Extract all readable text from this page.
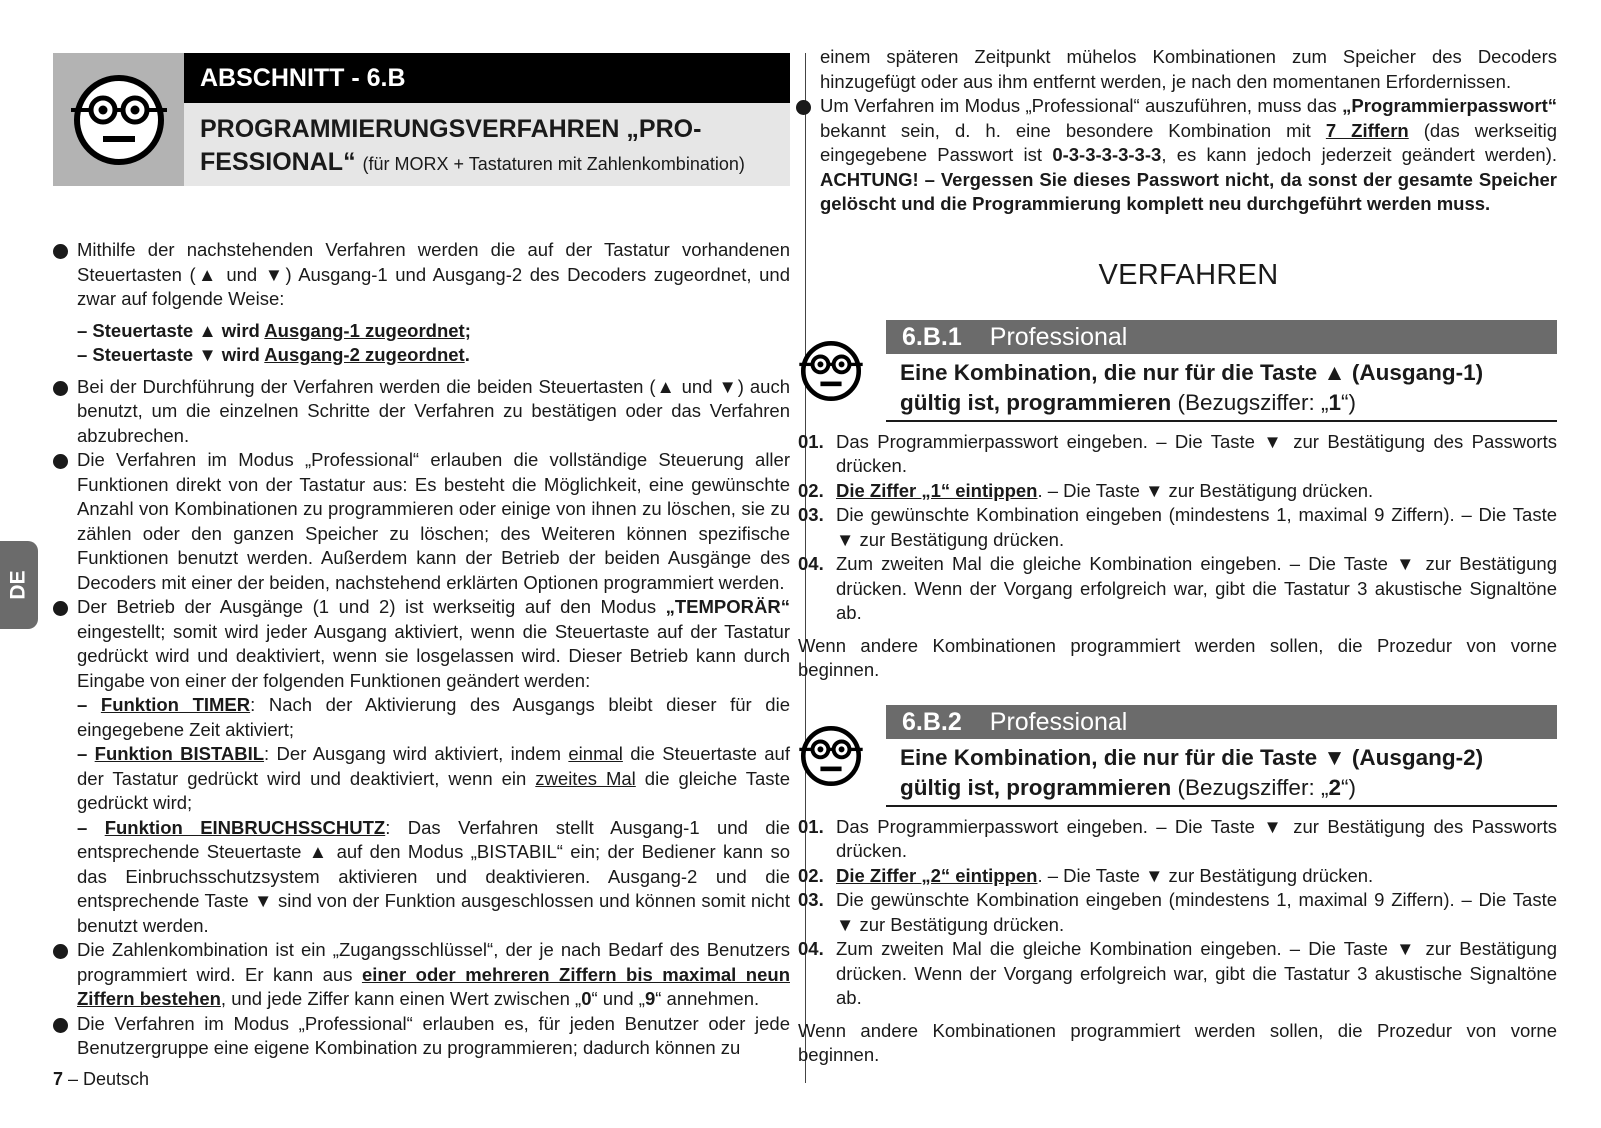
ABSCHNITT - 6.B
PROGRAMMIERUNGSVERFAHREN „PRO-FESSIONAL“ (für MORX + Tastaturen mit Zahlenkombination)

Mithilfe der nachstehenden Verfahren werden die auf der Tastatur vorhandenen Steuertasten (▲ und ▼) Ausgang-1 und Ausgang-2 des Decoders zugeordnet, und zwar auf folgende Weise:

– Steuertaste ▲ wird Ausgang-1 zugeordnet;
– Steuertaste ▼ wird Ausgang-2 zugeordnet.

Bei der Durchführung der Verfahren werden die beiden Steuertasten (▲ und ▼) auch benutzt, um die einzelnen Schritte der Verfahren zu bestätigen oder das Verfahren abzubrechen.

Die Verfahren im Modus „Professional“ erlauben die vollständige Steuerung aller Funktionen direkt von der Tastatur aus: Es besteht die Möglichkeit, eine gewünschte Anzahl von Kombinationen zu programmieren oder einige von ihnen zu löschen, sie zu zählen oder den ganzen Speicher zu löschen; des Weiteren können spezifische Funktionen benutzt werden. Außerdem kann der Betrieb der beiden Ausgänge des Decoders mit einer der beiden, nachstehend erklärten Optionen programmiert werden.

Der Betrieb der Ausgänge (1 und 2) ist werkseitig auf den Modus „TEMPORÄR“ eingestellt; somit wird jeder Ausgang aktiviert, wenn die Steuertaste auf der Tastatur gedrückt wird und deaktiviert, wenn sie losgelassen wird. Dieser Betrieb kann durch Eingabe von einer der folgenden Funktionen geändert werden:

– Funktion TIMER: Nach der Aktivierung des Ausgangs bleibt dieser für die eingegebene Zeit aktiviert;

– Funktion BISTABIL: Der Ausgang wird aktiviert, indem einmal die Steuertaste auf der Tastatur gedrückt wird und deaktiviert, wenn ein zweites Mal die gleiche Taste gedrückt wird;

– Funktion EINBRUCHSSCHUTZ: Das Verfahren stellt Ausgang-1 und die entsprechende Steuertaste ▲ auf den Modus „BISTABIL“ ein; der Bediener kann so das Einbruchsschutzsystem aktivieren und deaktivieren. Ausgang-2 und die entsprechende Taste ▼ sind von der Funktion ausgeschlossen und können somit nicht benutzt werden.

Die Zahlenkombination ist ein „Zugangsschlüssel“, der je nach Bedarf des Benutzers programmiert wird. Er kann aus einer oder mehreren Ziffern bis maximal neun Ziffern bestehen, und jede Ziffer kann einen Wert zwischen „0“ und „9“ annehmen.

Die Verfahren im Modus „Professional“ erlauben es, für jeden Benutzer oder jede Benutzergruppe eine eigene Kombination zu programmieren; dadurch können zu

einem späteren Zeitpunkt mühelos Kombinationen zum Speicher des Decoders hinzugefügt oder aus ihm entfernt werden, je nach den momentanen Erfordernissen.

Um Verfahren im Modus „Professional“ auszuführen, muss das „Programmierpasswort“ bekannt sein, d. h. eine besondere Kombination mit 7 Ziffern (das werkseitig eingegebene Passwort ist 0-3-3-3-3-3-3, es kann jedoch jederzeit geändert werden). ACHTUNG! – Vergessen Sie dieses Passwort nicht, da sonst der gesamte Speicher gelöscht und die Programmierung komplett neu durchgeführt werden muss.

VERFAHREN
6.B.1 Professional
Eine Kombination, die nur für die Taste ▲ (Ausgang-1) gültig ist, programmieren (Bezugsziffer: „1“)
01. Das Programmierpasswort eingeben. – Die Taste ▼ zur Bestätigung des Passworts drücken.
02. Die Ziffer „1“ eintippen. – Die Taste ▼ zur Bestätigung drücken.
03. Die gewünschte Kombination eingeben (mindestens 1, maximal 9 Ziffern). – Die Taste ▼ zur Bestätigung drücken.
04. Zum zweiten Mal die gleiche Kombination eingeben. – Die Taste ▼ zur Bestätigung drücken. Wenn der Vorgang erfolgreich war, gibt die Tastatur 3 akustische Signaltöne ab.
Wenn andere Kombinationen programmiert werden sollen, die Prozedur von vorne beginnen.
6.B.2 Professional
Eine Kombination, die nur für die Taste ▼ (Ausgang-2) gültig ist, programmieren (Bezugsziffer: „2“)
01. Das Programmierpasswort eingeben. – Die Taste ▼ zur Bestätigung des Passworts drücken.
02. Die Ziffer „2“ eintippen. – Die Taste ▼ zur Bestätigung drücken.
03. Die gewünschte Kombination eingeben (mindestens 1, maximal 9 Ziffern). – Die Taste ▼ zur Bestätigung drücken.
04. Zum zweiten Mal die gleiche Kombination eingeben. – Die Taste ▼ zur Bestätigung drücken. Wenn der Vorgang erfolgreich war, gibt die Tastatur 3 akustische Signaltöne ab.
Wenn andere Kombinationen programmiert werden sollen, die Prozedur von vorne beginnen.
DE
7 – Deutsch
